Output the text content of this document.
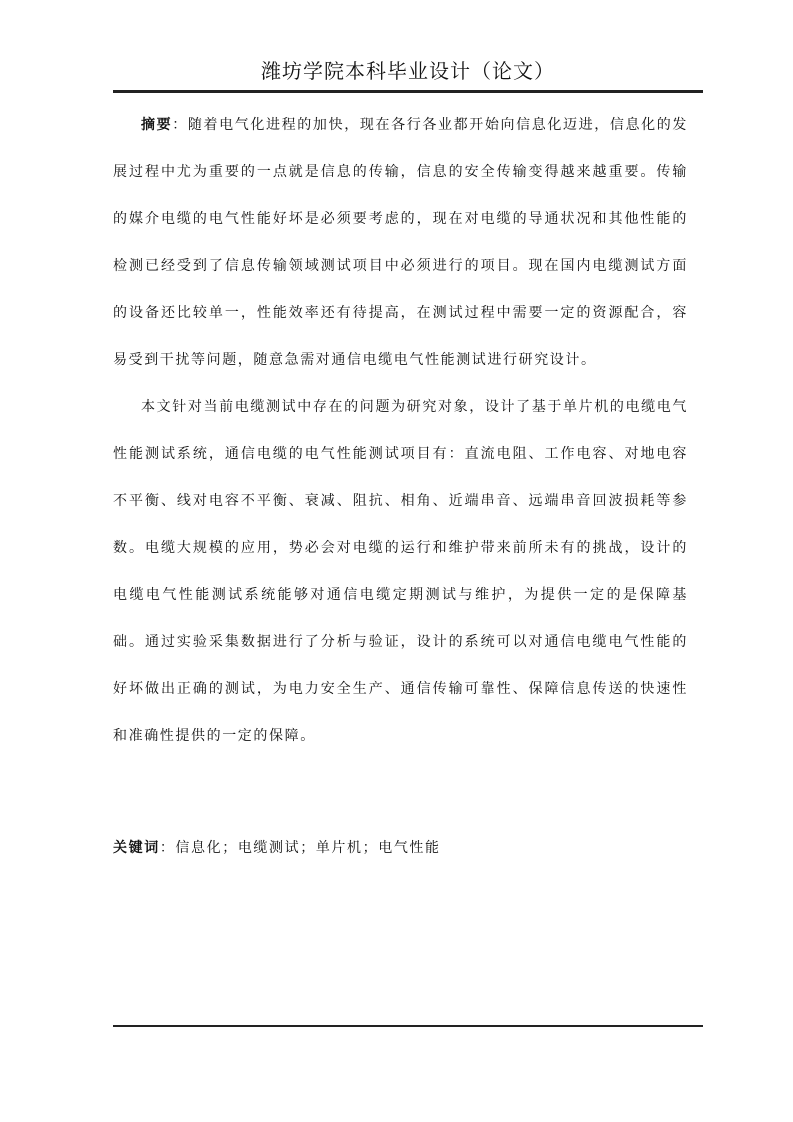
潍坊学院本科毕业设计（论文）

摘要：随着电气化进程的加快，现在各行各业都开始向信息化迈进，信息化的发展过程中尤为重要的一点就是信息的传输，信息的安全传输变得越来越重要。传输的媒介电缆的电气性能好坏是必须要考虑的，现在对电缆的导通状况和其他性能的检测已经受到了信息传输领域测试项目中必须进行的项目。现在国内电缆测试方面的设备还比较单一，性能效率还有待提高，在测试过程中需要一定的资源配合，容易受到干扰等问题，随意急需对通信电缆电气性能测试进行研究设计。

本文针对当前电缆测试中存在的问题为研究对象，设计了基于单片机的电缆电气性能测试系统，通信电缆的电气性能测试项目有：直流电阻、工作电容、对地电容不平衡、线对电容不平衡、衰减、阻抗、相角、近端串音、远端串音回波损耗等参数。电缆大规模的应用，势必会对电缆的运行和维护带来前所未有的挑战，设计的电缆电气性能测试系统能够对通信电缆定期测试与维护，为提供一定的是保障基础。通过实验采集数据进行了分析与验证，设计的系统可以对通信电缆电气性能的好坏做出正确的测试，为电力安全生产、通信传输可靠性、保障信息传送的快速性和准确性提供的一定的保障。

关键词：信息化；电缆测试；单片机；电气性能
